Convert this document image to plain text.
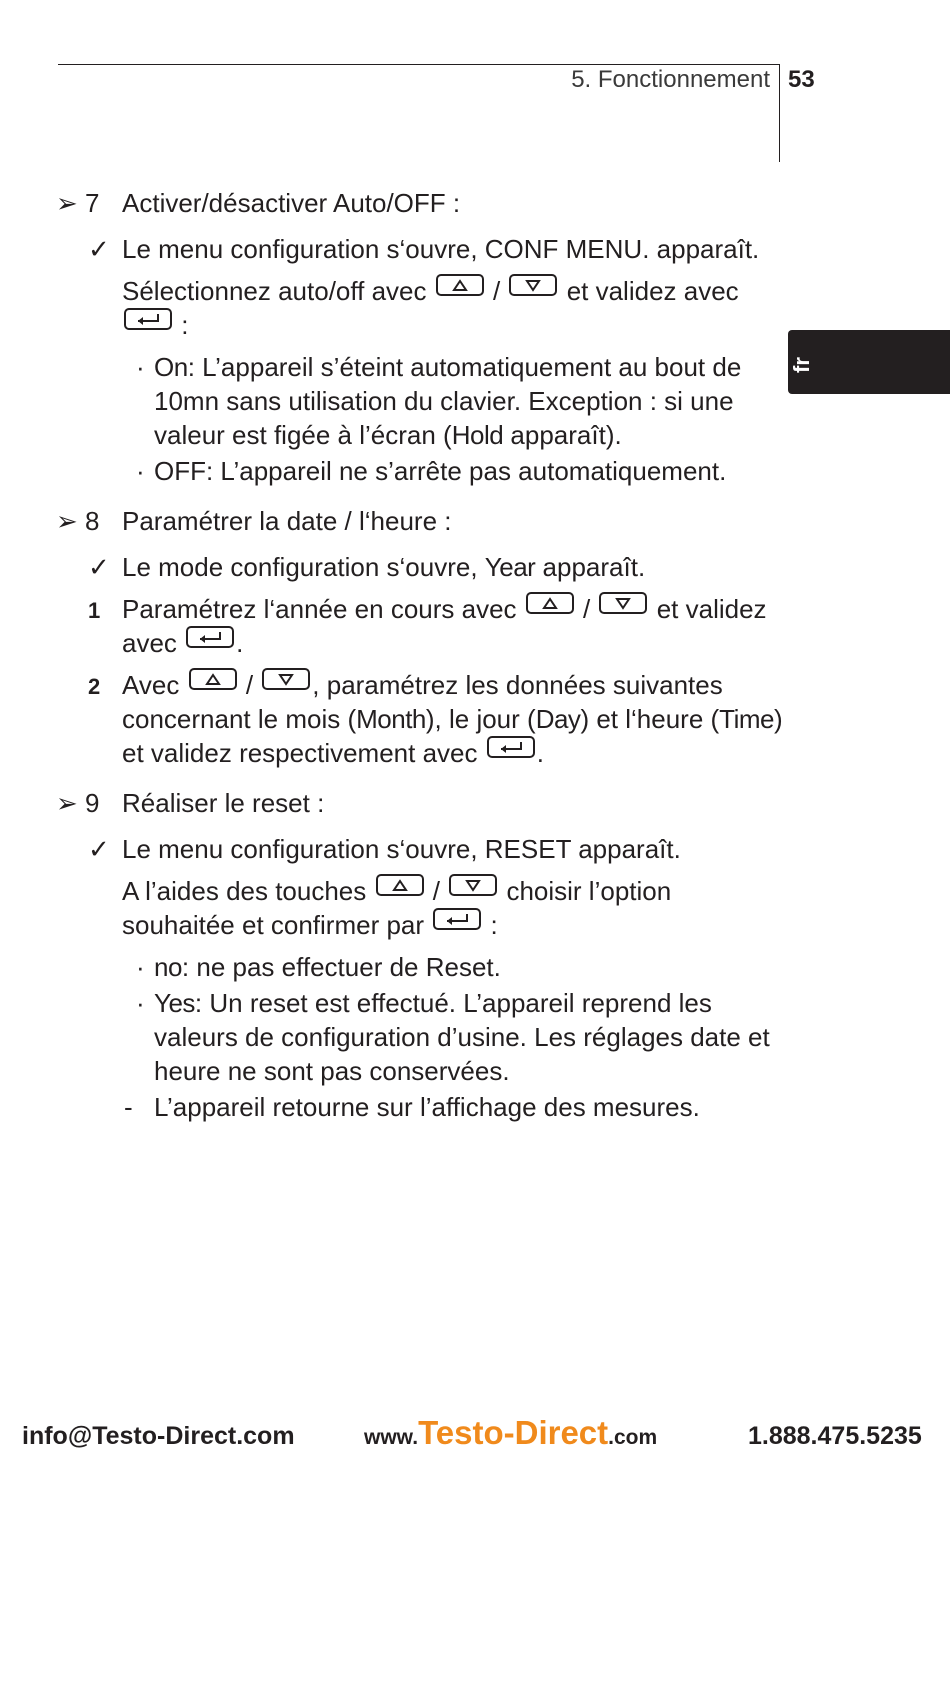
5. Fonctionnement 53
fr
➢ 7 Activer/désactiver Auto/OFF :
✓ Le menu configuration s‘ouvre, CONF MENU. apparaît.
Sélectionnez auto/off avec	/	et validez avec
:
· On: L’appareil s’éteint automatiquement au bout de 10mn sans utilisation du clavier. Exception : si une valeur est figée à l’écran (Hold apparaît).
· OFF: L’appareil ne s’arrête pas automatiquement.
➢ 8 Paramétrer la date / l‘heure :
✓ Le mode configuration s‘ouvre, Year apparaît.
1 Paramétrez l‘année en cours avec	/	et validez avec .
2 Avec	/ , paramétrez les données suivantes concernant le mois (Month), le jour (Day) et l‘heure (Time) et validez respectivement avec .
➢ 9 Réaliser le reset :
✓ Le menu configuration s‘ouvre, RESET apparaît.
A l’aides des touches	/	choisir l’option souhaitée et confirmer par	:
· no: ne pas effectuer de Reset.
· Yes: Un reset est effectué. L’appareil reprend les valeurs de configuration d’usine. Les réglages date et heure ne sont pas conservées.
- L’appareil retourne sur l’affichage des mesures.
info@Testo-Direct.com	www.Testo-Direct.com	1.888.475.5235
